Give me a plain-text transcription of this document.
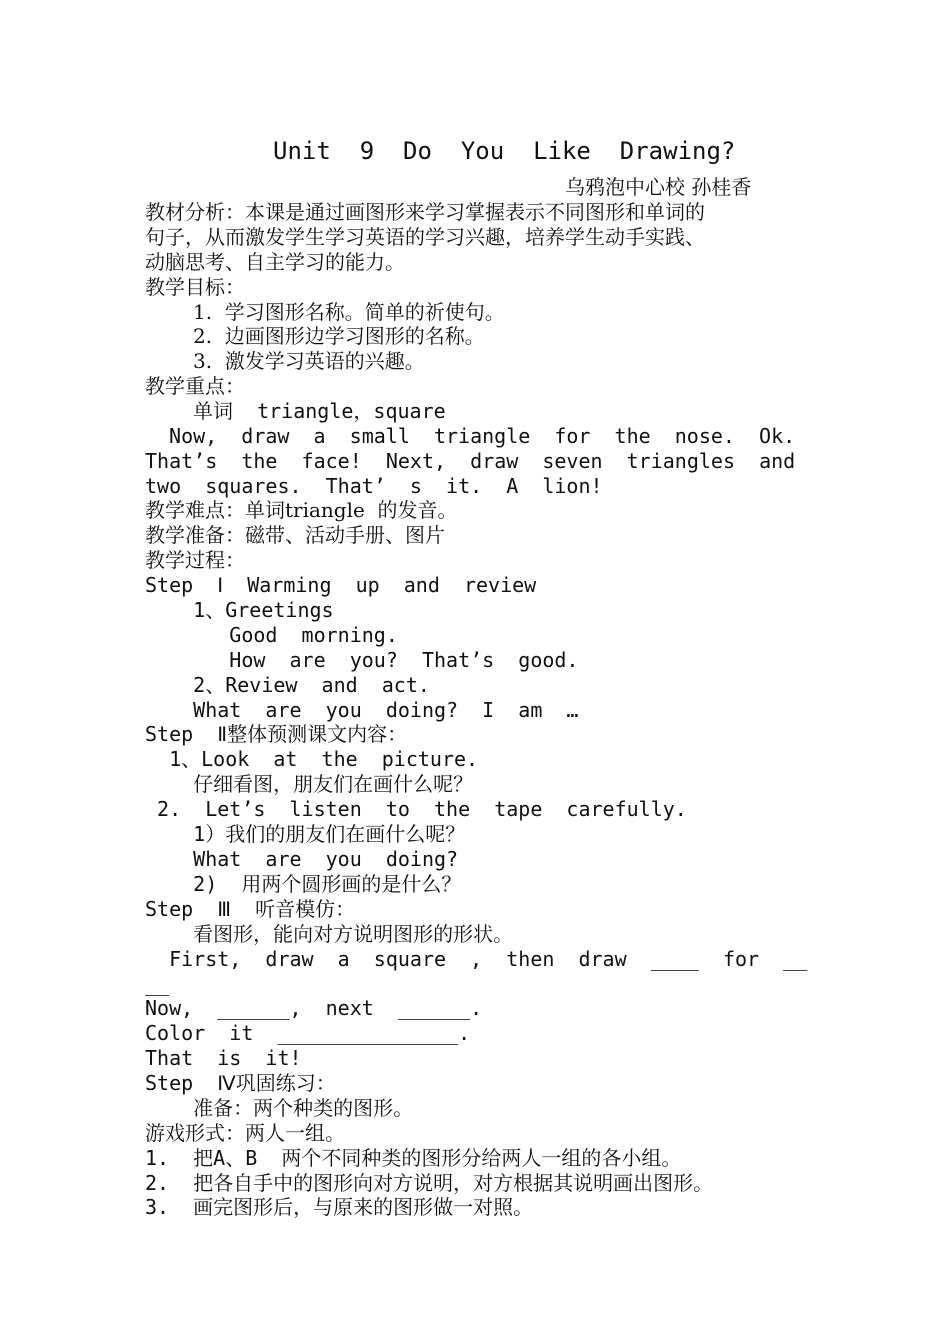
Unit  9  Do  You  Like  Drawing?
乌鸦泡中心校 孙桂香
教材分析：本课是通过画图形来学习掌握表示不同图形和单词的
句子，从而激发学生学习英语的学习兴趣，培养学生动手实践、
动脑思考、自主学习的能力。
教学目标：
1.  学习图形名称。简单的祈使句。
2.  边画图形边学习图形的名称。
3.  激发学习英语的兴趣。
教学重点：
单词  triangle，square
Now,  draw  a  small  triangle  for  the  nose.  Ok.
That’s  the  face!  Next,  draw  seven  triangles  and
two  squares.  That’  s  it.  A  lion!
教学难点：单词triangle  的发音。
教学准备：磁带、活动手册、图片
教学过程：
Step  Ⅰ  Warming  up  and  review
1、Greetings
Good  morning.
How  are  you?  That’s  good.
2、Review  and  act.
What  are  you  doing?  I  am  …
Step  Ⅱ整体预测课文内容：
1、Look  at  the  picture.
仔细看图，朋友们在画什么呢？
2.  Let’s  listen  to  the  tape  carefully.
1）我们的朋友们在画什么呢？
What  are  you  doing?
2)  用两个圆形画的是什么？
Step  Ⅲ  听音模仿：
看图形，能向对方说明图形的形状。
First,  draw  a  square  ,  then  draw  ____  for  __
__
Now,  ______,  next  ______.
Color  it  _______________.
That  is  it!
Step  Ⅳ巩固练习：
准备：两个种类的图形。
游戏形式：两人一组。
1.  把A、B  两个不同种类的图形分给两人一组的各小组。
2.  把各自手中的图形向对方说明，对方根据其说明画出图形。
3.  画完图形后，与原来的图形做一对照。
